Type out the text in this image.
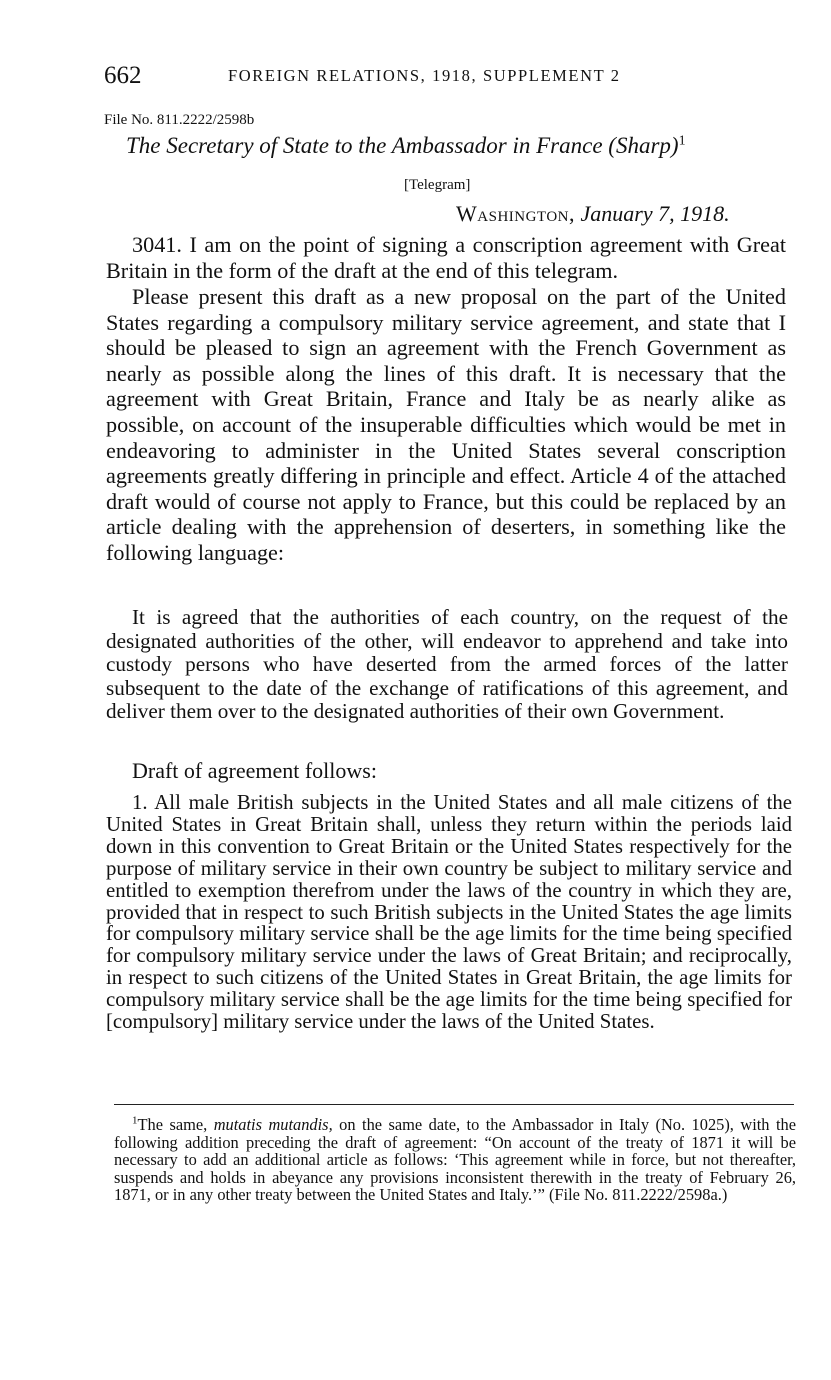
662	FOREIGN RELATIONS, 1918, SUPPLEMENT 2
File No. 811.2222/2598b
The Secretary of State to the Ambassador in France (Sharp)$^1$
[Telegram]
Washington, January 7, 1918.

3041. I am on the point of signing a conscription agreement with Great Britain in the form of the draft at the end of this telegram.

Please present this draft as a new proposal on the part of the United States regarding a compulsory military service agreement, and state that I should be pleased to sign an agreement with the French Government as nearly as possible along the lines of this draft. It is necessary that the agreement with Great Britain, France and Italy be as nearly alike as possible, on account of the insuperable difficulties which would be met in endeavoring to administer in the United States several conscription agreements greatly differing in principle and effect. Article 4 of the attached draft would of course not apply to France, but this could be replaced by an article dealing with the apprehension of deserters, in something like the following language:

It is agreed that the authorities of each country, on the request of the designated authorities of the other, will endeavor to apprehend and take into custody persons who have deserted from the armed forces of the latter subsequent to the date of the exchange of ratifications of this agreement, and deliver them over to the designated authorities of their own Government.

Draft of agreement follows:

1. All male British subjects in the United States and all male citizens of the United States in Great Britain shall, unless they return within the periods laid down in this convention to Great Britain or the United States respectively for the purpose of military service in their own country be subject to military service and entitled to exemption therefrom under the laws of the country in which they are, provided that in respect to such British subjects in the United States the age limits for compulsory military service shall be the age limits for the time being specified for compulsory military service under the laws of Great Britain; and reciprocally, in respect to such citizens of the United States in Great Britain, the age limits for compulsory military service shall be the age limits for the time being specified for [compulsory] military service under the laws of the United States.

$^1$The same, mutatis mutandis, on the same date, to the Ambassador in Italy (No. 1025), with the following addition preceding the draft of agreement: “On account of the treaty of 1871 it will be necessary to add an additional article as follows: ‘This agreement while in force, but not thereafter, suspends and holds in abeyance any provisions inconsistent therewith in the treaty of February 26, 1871, or in any other treaty between the United States and Italy.’” (File No. 811.2222/2598a.)
